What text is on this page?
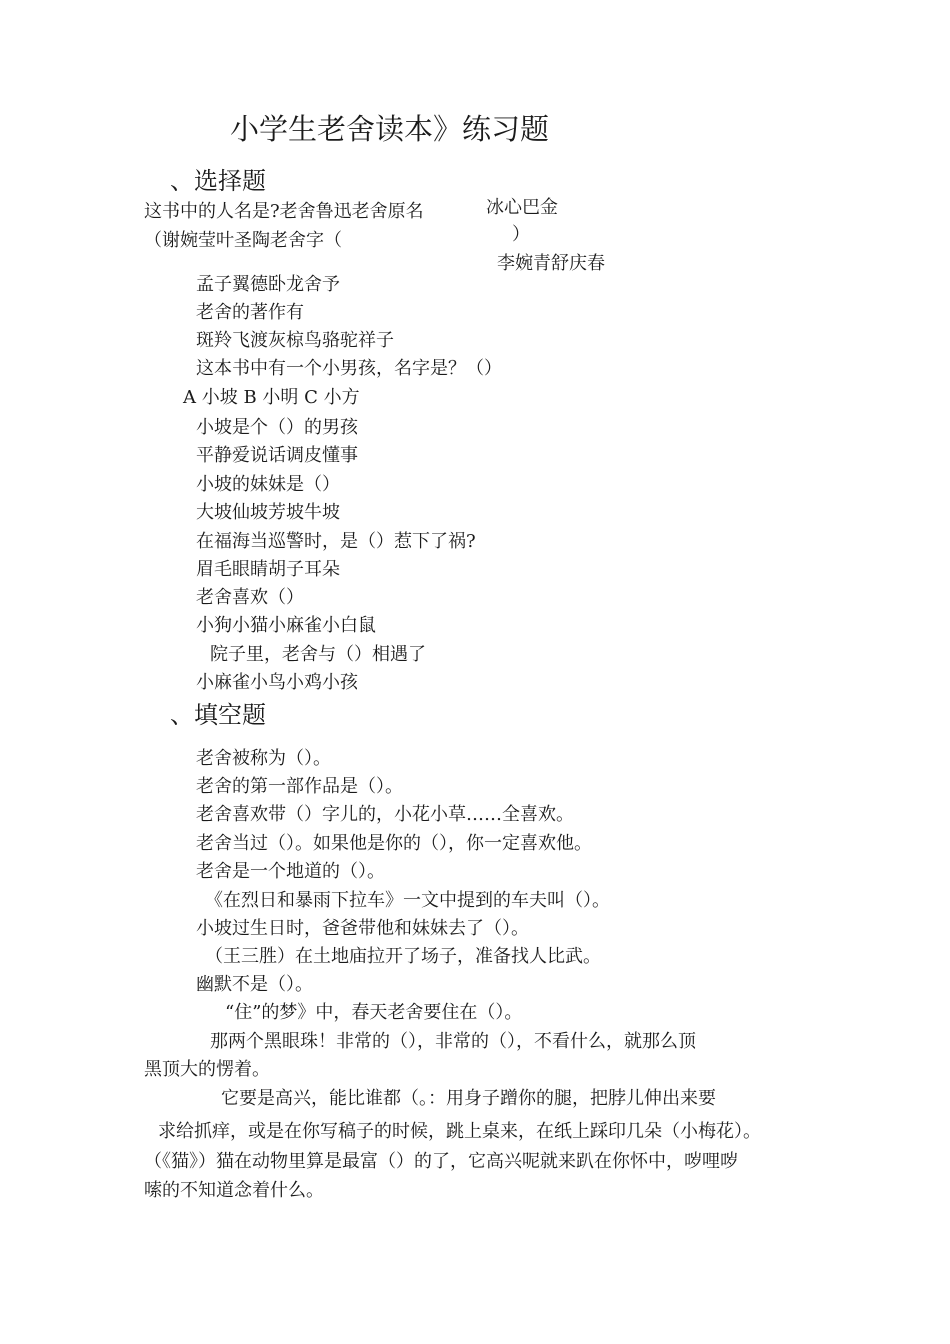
小学生老舍读本》练习题
、选择题
这书中的人名是?老舍鲁迅老舍原名	冰心巴金
（谢婉莹叶圣陶老舍字（	）
李婉青舒庆春
孟子翼德卧龙舍予
老舍的著作有
斑羚飞渡灰椋鸟骆驼祥子
这本书中有一个小男孩，名字是？（）
A 小坡 B 小明 C 小方
小坡是个（）的男孩
平静爱说话调皮懂事
小坡的妹妹是（）
大坡仙坡芳坡牛坡
在福海当巡警时，是（）惹下了祸?
眉毛眼睛胡子耳朵
老舍喜欢（）
小狗小猫小麻雀小白鼠
院子里，老舍与（）相遇了
小麻雀小鸟小鸡小孩
、填空题
老舍被称为（）。
老舍的第一部作品是（）。
老舍喜欢带（）字儿的，小花小草……全喜欢。
老舍当过（）。如果他是你的（），你一定喜欢他。
老舍是一个地道的（）。
《在烈日和暴雨下拉车》一文中提到的车夫叫（）。
小坡过生日时，爸爸带他和妹妹去了（）。
（王三胜）在土地庙拉开了场子，准备找人比武。
幽默不是（）。
“住”的梦》中，春天老舍要住在（）。
那两个黑眼珠！非常的（），非常的（），不看什么，就那么顶
黑顶大的愣着。
它要是高兴，能比谁都（。：用身子蹭你的腿，把脖儿伸出来要
求给抓痒，或是在你写稿子的时候，跳上桌来，在纸上踩印几朵（小梅花）。
（《猫》）猫在动物里算是最富（）的了，它高兴呢就来趴在你怀中，哕哩哕
嗦的不知道念着什么。
